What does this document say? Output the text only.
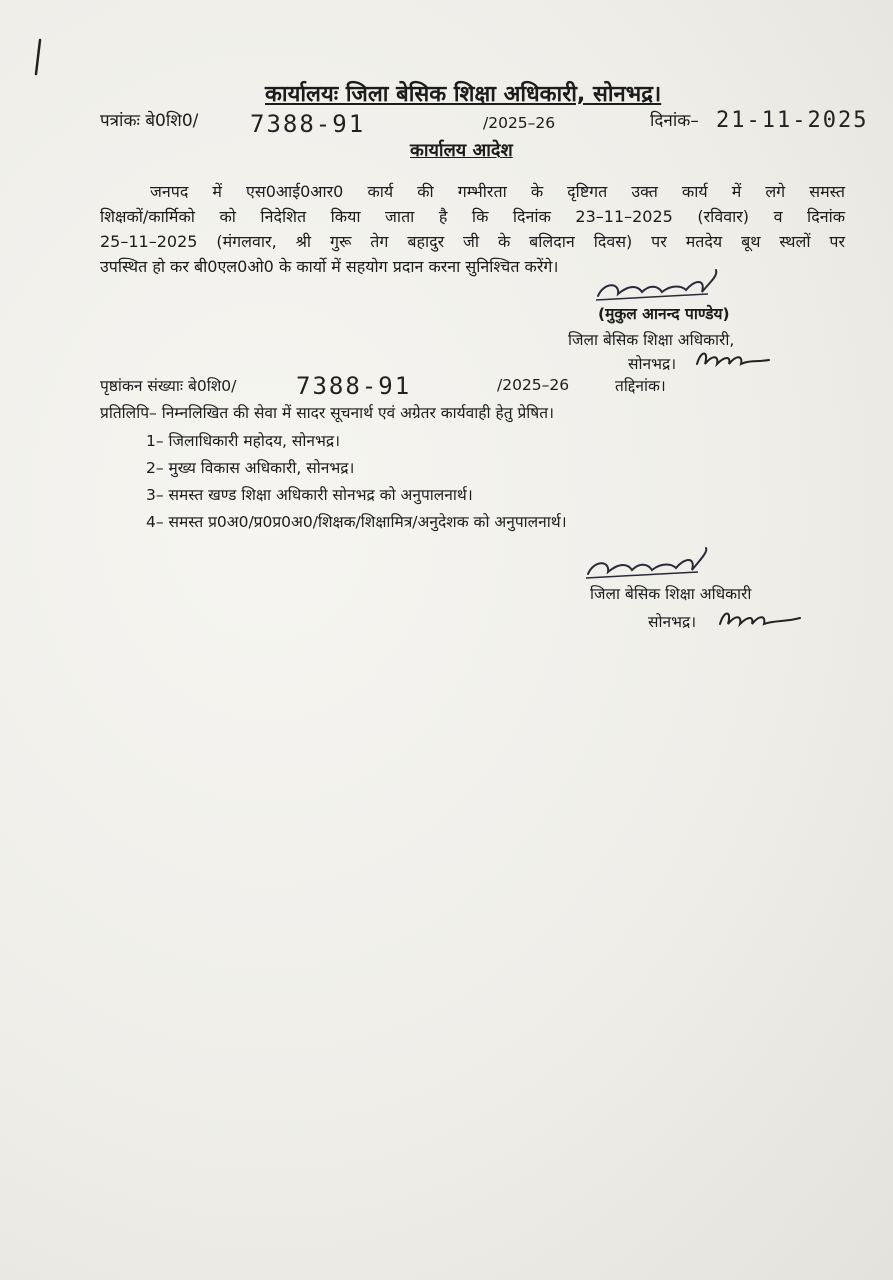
कार्यालयः जिला बेसिक शिक्षा अधिकारी, सोनभद्र।
पत्रांकः बे0शि0/ 7388-91	/2025–26	दिनांक– 21-11-2025
कार्यालय आदेश
जनपद में एस0आई0आर0 कार्य की गम्भीरता के दृष्टिगत उक्त कार्य में लगे समस्त
शिक्षकों/कार्मिको को निदेशित किया जाता है कि दिनांक 23–11–2025 (रविवार) व दिनांक
25–11–2025 (मंगलवार, श्री गुरू तेग बहादुर जी के बलिदान दिवस) पर मतदेय बूथ स्थलों पर
उपस्थित हो कर बी0एल0ओ0 के कार्यो में सहयोग प्रदान करना सुनिश्चित करेंगे।
(मुकुल आनन्द पाण्डेय)
जिला बेसिक शिक्षा अधिकारी,
सोनभद्र।
पृष्ठांकन संख्याः बे0शि0/ 7388-91	/2025–26	तद्दिनांक।
प्रतिलिपि– निम्नलिखित की सेवा में सादर सूचनार्थ एवं अग्रेतर कार्यवाही हेतु प्रेषित।
1– जिलाधिकारी महोदय, सोनभद्र।
2– मुख्य विकास अधिकारी, सोनभद्र।
3– समस्त खण्ड शिक्षा अधिकारी सोनभद्र को अनुपालनार्थ।
4– समस्त प्र0अ0/प्र0प्र0अ0/शिक्षक/शिक्षामित्र/अनुदेशक को अनुपालनार्थ।
जिला बेसिक शिक्षा अधिकारी
सोनभद्र।
